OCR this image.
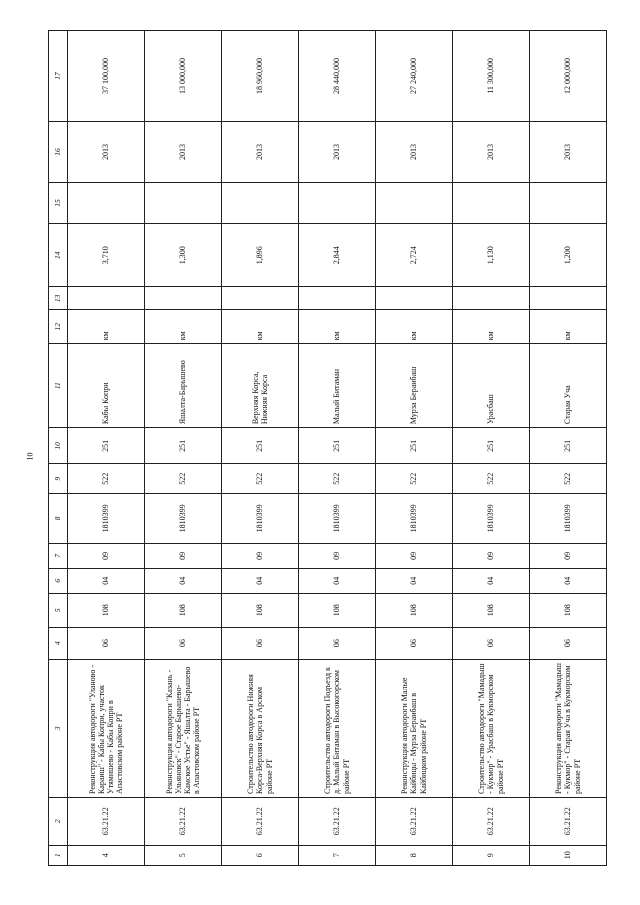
10
1	2	3	4	5	6	7	8	9	10	11	12	13	14	15	16	17
4	63.21.22	Реконструкция автодороги "Уланово - Караиш" - Кабы Копри, участок Утямишево - Кабы Копри в Апастовском районе РТ	06	108	04	09	1810399	522	251	Кабы Копри	км		3,710		2013	37 100,000
5	63.21.22	Реконструкция автодороги "Казань - Ульяновск" - Старое Барышево- Камское Устье" - Яшалта - Барышево в Апастовском районе РТ	06	108	04	09	1810399	522	251	Яшалта-Барышево	км		1,300		2013	13 000,000
6	63.21.22	Строительство автодороги Нижняя Корса-Верхняя Корса в Арском районе РТ	06	108	04	09	1810399	522	251	Верхняя Корса, Нижняя Корса	км		1,896		2013	18 960,000
7	63.21.22	Строительство автодороги Подъезд к д. Малый Битаман в Высокогорском районе РТ	06	108	04	09	1810399	522	251	Малый Битаман	км		2,844		2013	28 440,000
8	63.21.22	Реконструкция автодороги Малые Кайбицы - Мурза Бераибаш в Кайбицком районе РТ	06	108	04	09	1810399	522	251	Мурза Бераибаш	км		2,724		2013	27 240,000
9	63.21.22	Строительство автодороги "Мамадыш - Кукмор" - Урасбаш в Кукморском районе РТ	06	108	04	09	1810399	522	251	Урасбаш	км		1,130		2013	11 300,000
10	63.21.22	Реконструкция автодороги "Мамадыш - Кукмор" - Старая Уча в Кукморском районе РТ	06	108	04	09	1810399	522	251	Старая Уча	км		1,200		2013	12 000,000
